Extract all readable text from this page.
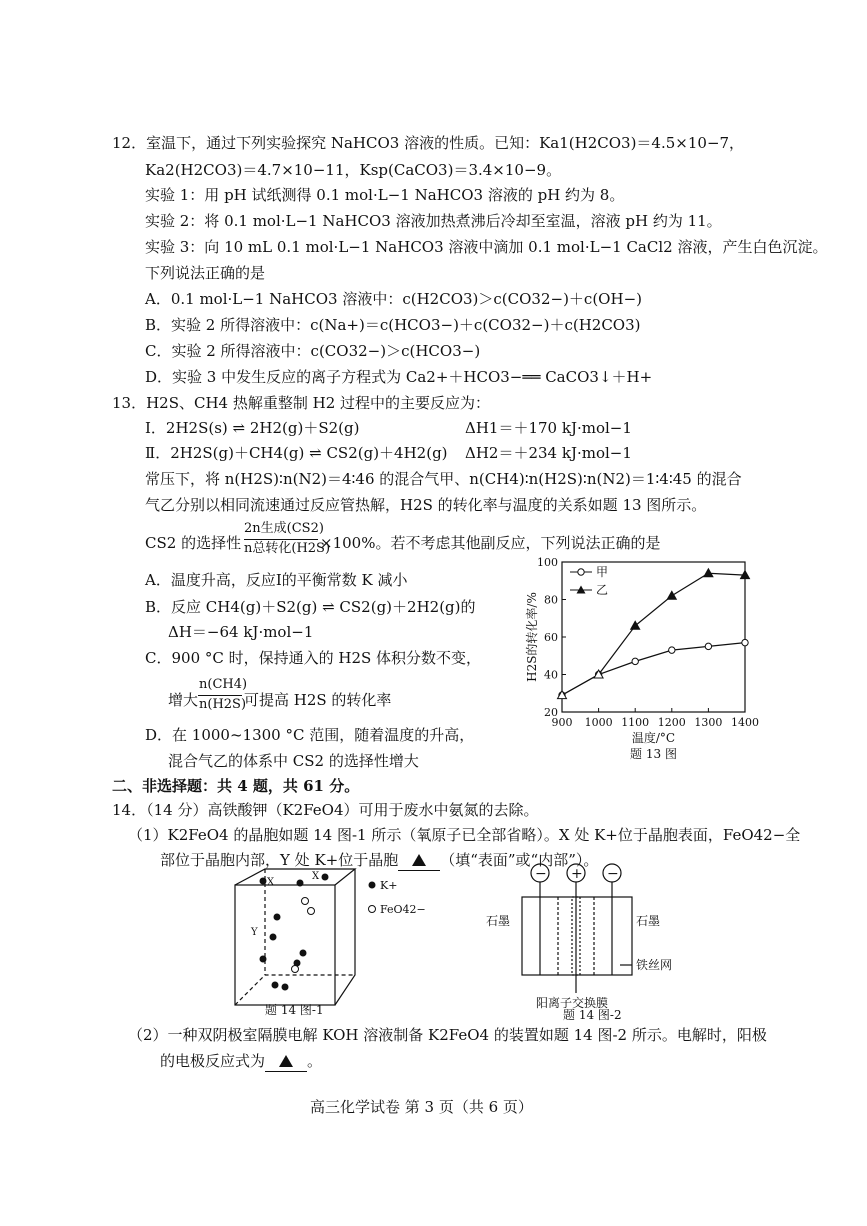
12．室温下，通过下列实验探究 NaHCO3 溶液的性质。已知：Ka1(H2CO3)＝4.5×10−7，
Ka2(H2CO3)＝4.7×10−11，Ksp(CaCO3)＝3.4×10−9。
实验 1：用 pH 试纸测得 0.1 mol·L−1 NaHCO3 溶液的 pH 约为 8。
实验 2：将 0.1 mol·L−1 NaHCO3 溶液加热煮沸后冷却至室温，溶液 pH 约为 11。
实验 3：向 10 mL 0.1 mol·L−1 NaHCO3 溶液中滴加 0.1 mol·L−1 CaCl2 溶液，产生白色沉淀。
下列说法正确的是
A．0.1 mol·L−1 NaHCO3 溶液中：c(H2CO3)＞c(CO32−)＋c(OH−)
B．实验 2 所得溶液中：c(Na+)＝c(HCO3−)＋c(CO32−)＋c(H2CO3)
C．实验 2 所得溶液中：c(CO32−)＞c(HCO3−)
D．实验 3 中发生反应的离子方程式为 Ca2+＋HCO3−══ CaCO3↓＋H+
13．H2S、CH4 热解重整制 H2 过程中的主要反应为：
Ⅰ．2H2S(s) ⇌ 2H2(g)＋S2(g)	ΔH1＝＋170 kJ·mol−1
Ⅱ．2H2S(g)＋CH4(g) ⇌ CS2(g)＋4H2(g) ΔH2＝＋234 kJ·mol−1
常压下，将 n(H2S)∶n(N2)＝4∶46 的混合气甲、n(CH4)∶n(H2S)∶n(N2)＝1∶4∶45 的混合
气乙分别以相同流速通过反应管热解，H2S 的转化率与温度的关系如题 13 图所示。
CS2 的选择性
2n生成(CS2)
n总转化(H2S)
×100%。若不考虑其他副反应，下列说法正确的是
A．温度升高，反应Ⅰ的平衡常数 K 减小
B．反应 CH4(g)＋S2(g) ⇌ CS2(g)＋2H2(g)的
ΔH＝−64 kJ·mol−1
C．900 °C 时，保持通入的 H2S 体积分数不变，
增大
n(CH4)
n(H2S)
可提高 H2S 的转化率
D．在 1000~1300 °C 范围，随着温度的升高，
混合气乙的体系中 CS2 的选择性增大
900 1000 1100 1200 1300 1400
20
40
60
80
100
温度/°C
题 13 图
H2S的转化率/%
甲
乙
二、非选择题：共 4 题，共 61 分。
14．（14 分）高铁酸钾（K2FeO4）可用于废水中氨氮的去除。
（1）K2FeO4 的晶胞如题 14 图-1 所示（氧原子已全部省略）。X 处 K+位于晶胞表面，FeO42−全
部位于晶胞内部，Y 处 K+位于晶胞	（填“表面”或“内部”）。
X
X
Y
K+
FeO42−
题 14 图-1
− + −
石墨	石墨
铁丝网
阳离子交换膜
题 14 图-2
（2）一种双阴极室隔膜电解 KOH 溶液制备 K2FeO4 的装置如题 14 图-2 所示。电解时，阳极
的电极反应式为	。
高三化学试卷 第 3 页（共 6 页）
